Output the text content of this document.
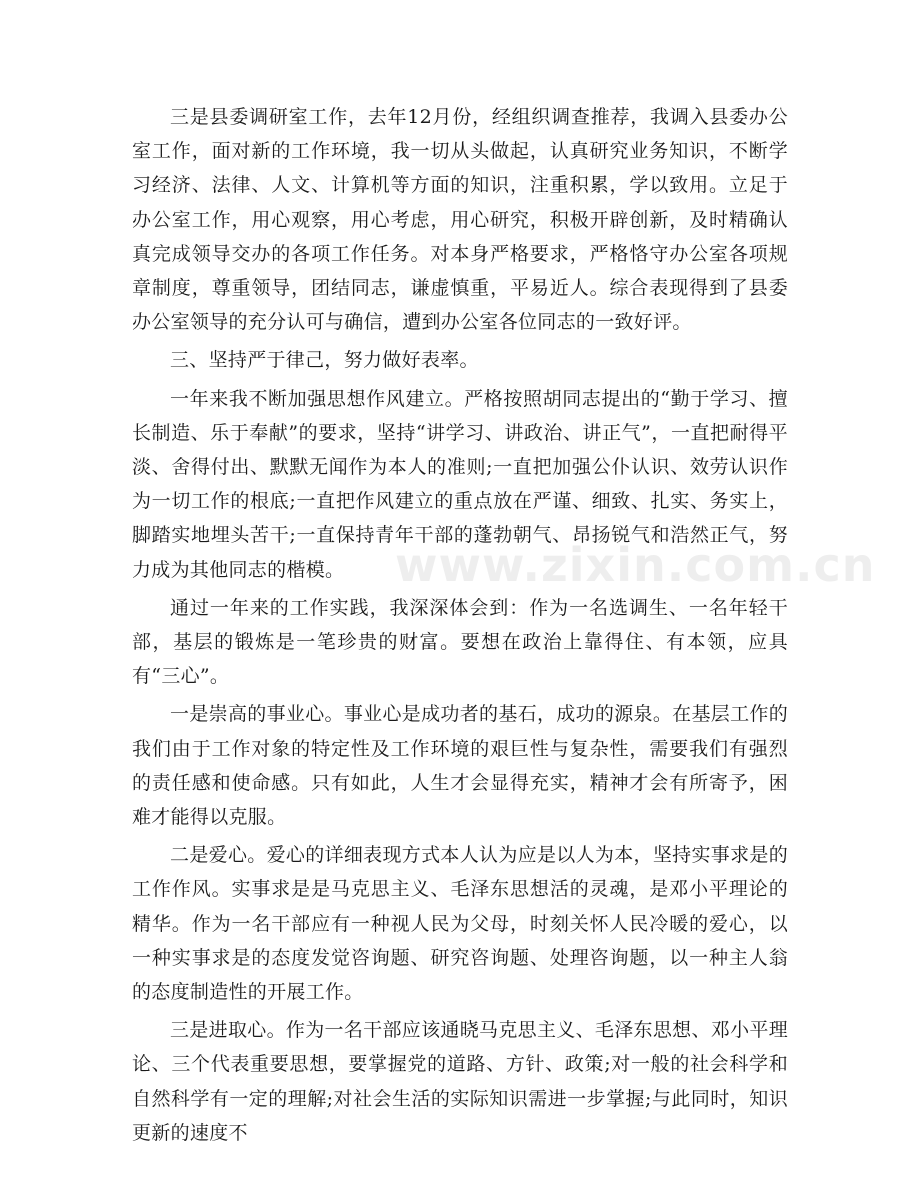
三是县委调研室工作，去年12月份，经组织调查推荐，我调入县委办公室工作，面对新的工作环境，我一切从头做起，认真研究业务知识，不断学习经济、法律、人文、计算机等方面的知识，注重积累，学以致用。立足于办公室工作，用心观察，用心考虑，用心研究，积极开辟创新，及时精确认真完成领导交办的各项工作任务。对本身严格要求，严格恪守办公室各项规章制度，尊重领导，团结同志，谦虚慎重，平易近人。综合表现得到了县委办公室领导的充分认可与确信，遭到办公室各位同志的一致好评。

三、坚持严于律己，努力做好表率。

一年来我不断加强思想作风建立。严格按照胡同志提出的“勤于学习、擅长制造、乐于奉献”的要求，坚持“讲学习、讲政治、讲正气”，一直把耐得平淡、舍得付出、默默无闻作为本人的准则;一直把加强公仆认识、效劳认识作为一切工作的根底;一直把作风建立的重点放在严谨、细致、扎实、务实上，脚踏实地埋头苦干;一直保持青年干部的蓬勃朝气、昂扬锐气和浩然正气，努力成为其他同志的楷模。

通过一年来的工作实践，我深深体会到：作为一名选调生、一名年轻干部，基层的锻炼是一笔珍贵的财富。要想在政治上靠得住、有本领，应具有“三心”。

一是崇高的事业心。事业心是成功者的基石，成功的源泉。在基层工作的我们由于工作对象的特定性及工作环境的艰巨性与复杂性，需要我们有强烈的责任感和使命感。只有如此，人生才会显得充实，精神才会有所寄予，困难才能得以克服。

二是爱心。爱心的详细表现方式本人认为应是以人为本，坚持实事求是的工作作风。实事求是是马克思主义、毛泽东思想活的灵魂，是邓小平理论的精华。作为一名干部应有一种视人民为父母，时刻关怀人民冷暖的爱心，以一种实事求是的态度发觉咨询题、研究咨询题、处理咨询题，以一种主人翁的态度制造性的开展工作。

三是进取心。作为一名干部应该通晓马克思主义、毛泽东思想、邓小平理论、三个代表重要思想，要掌握党的道路、方针、政策;对一般的社会科学和自然科学有一定的理解;对社会生活的实际知识需进一步掌握;与此同时，知识更新的速度不

www.zixin.com.cn
